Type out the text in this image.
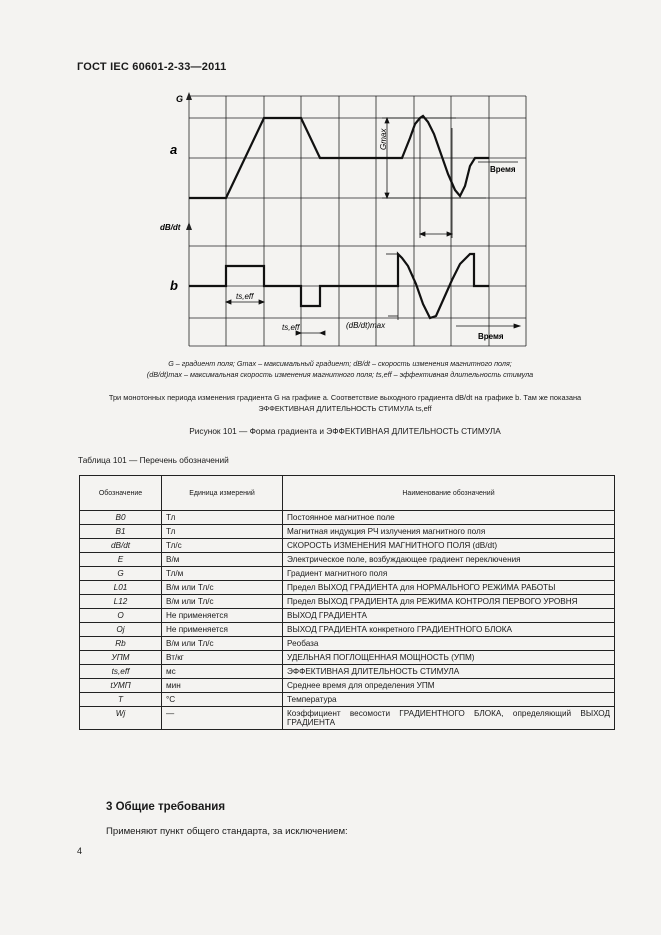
ГОСТ IEC 60601-2-33—2011
G
a
dB/dt
b
Gmax
Время
ts,eff
ts,eff	(dB/dt)max
Время
G – градиент поля; Gmax – максимальный градиент; dB/dt – скорость изменения магнитного поля;
(dB/dt)max – максимальная скорость изменения магнитного поля; ts,eff – эффективная длительность стимула
Три монотонных периода изменения градиента G на графике a. Соответствие выходного градиента dB/dt на графике b. Там же показана ЭФФЕКТИВНАЯ ДЛИТЕЛЬНОСТЬ СТИМУЛА ts,eff
Рисунок 101 — Форма градиента и ЭФФЕКТИВНАЯ ДЛИТЕЛЬНОСТЬ СТИМУЛА
Таблица 101 — Перечень обозначений
Обозначение	Единица измерений	Наименование обозначений
B0	Тл	Постоянное магнитное поле
B1	Тл	Магнитная индукция РЧ излучения магнитного поля
dB/dt	Тл/с	СКОРОСТЬ ИЗМЕНЕНИЯ МАГНИТНОГО ПОЛЯ (dB/dt)
E	В/м	Электрическое поле, возбуждающее градиент переключения
G	Тл/м	Градиент магнитного поля
L01	В/м или Тл/с	Предел ВЫХОД ГРАДИЕНТА для НОРМАЛЬНОГО РЕЖИМА РАБОТЫ
L12	В/м или Тл/с	Предел ВЫХОД ГРАДИЕНТА для РЕЖИМА КОНТРОЛЯ ПЕРВОГО УРОВНЯ
O	Не применяется	ВЫХОД ГРАДИЕНТА
Oj	Не применяется	ВЫХОД ГРАДИЕНТА конкретного ГРАДИЕНТНОГО БЛОКА
Rb	В/м или Тл/с	Реобаза
УПМ	Вт/кг	УДЕЛЬНАЯ ПОГЛОЩЕННАЯ МОЩНОСТЬ (УПМ)
ts,eff	мс	ЭФФЕКТИВНАЯ ДЛИТЕЛЬНОСТЬ СТИМУЛА
tУМП	мин	Среднее время для определения УПМ
T	°С	Температура
Wj	—	Коэффициент весомости ГРАДИЕНТНОГО БЛОКА, определяющий ВЫХОД ГРАДИЕНТА
3 Общие требования
Применяют пункт общего стандарта, за исключением:
4
